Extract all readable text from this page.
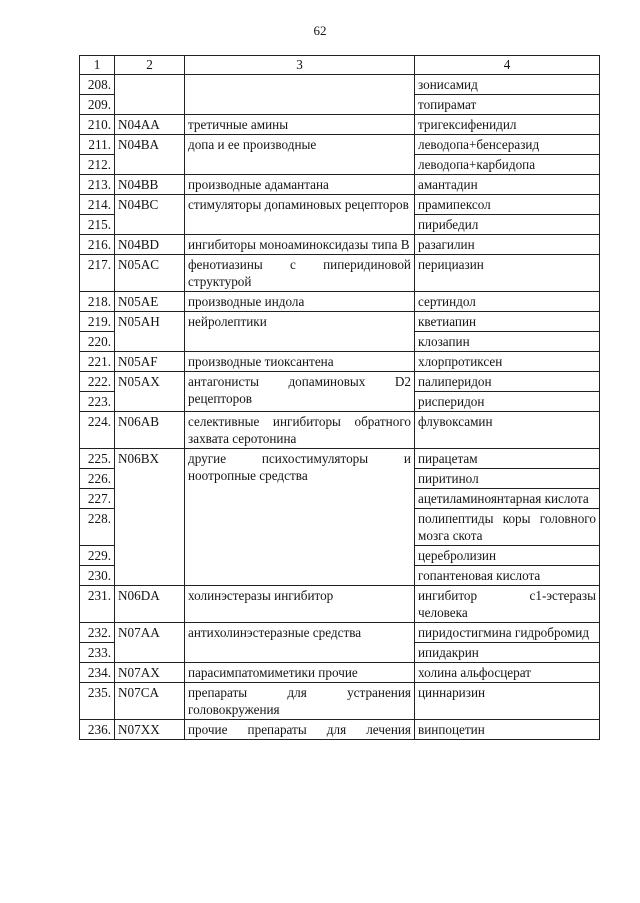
62
1	2	3	4
208.			зонисамид
209.			топирамат
210.	N04AA	третичные амины	тригексифенидил
211.	N04BA	допа и ее производные	леводопа+бенсеразид
212.			леводопа+карбидопа
213.	N04BB	производные адамантана	амантадин
214.	N04BC	стимуляторы допаминовых рецепторов	прамипексол
215.			пирибедил
216.	N04BD	ингибиторы моноаминоксидазы типа B	разагилин
217.	N05AC	фенотиазины с пиперидиновой структурой	перициазин
218.	N05AE	производные индола	сертиндол
219.	N05AH	нейролептики	кветиапин
220.			клозапин
221.	N05AF	производные тиоксантена	хлорпротиксен
222.	N05AX	антагонисты допаминовых D2 рецепторов	палиперидон
223.			рисперидон
224.	N06AB	селективные ингибиторы обратного захвата серотонина	флувоксамин
225.	N06BX	другие психостимуляторы и ноотропные средства	пирацетам
226.			пиритинол
227.			ацетиламиноянтарная кислота
228.			полипептиды коры головного мозга скота
229.			церебролизин
230.			гопантеновая кислота
231.	N06DA	холинэстеразы ингибитор	ингибитор c1-эстеразы человека
232.	N07AA	антихолинэстеразные средства	пиридостигмина гидробромид
233.			ипидакрин
234.	N07AX	парасимпатомиметики прочие	холина альфосцерат
235.	N07CA	препараты для устранения головокружения	циннаризин
236.	N07XX	прочие препараты для лечения	винпоцетин
